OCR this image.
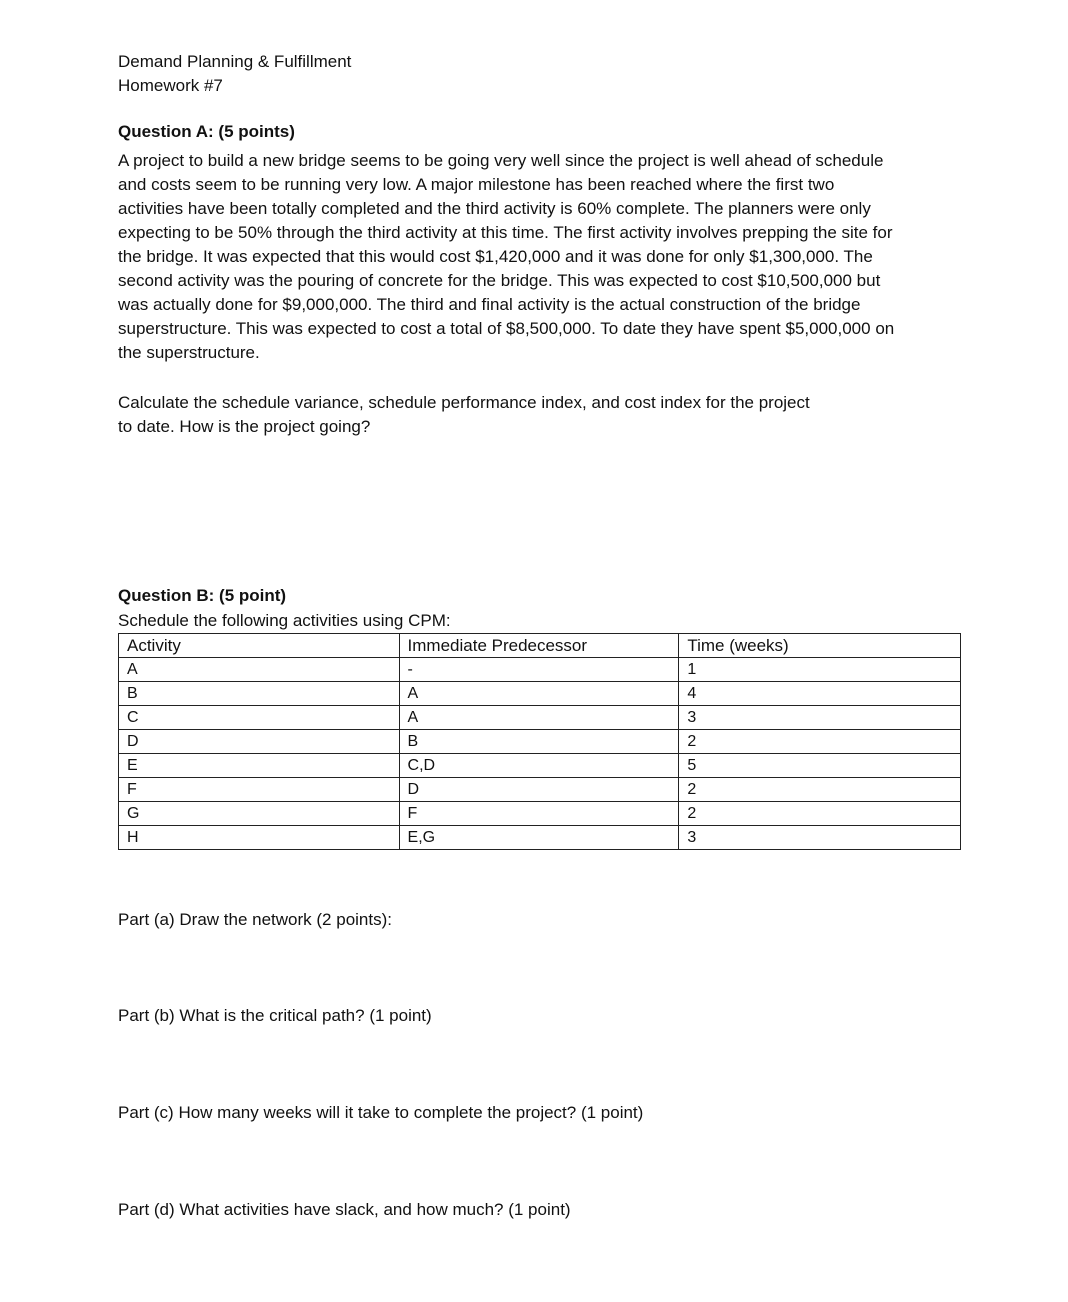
Demand Planning & Fulfillment
Homework #7
Question A: (5 points)
A project to build a new bridge seems to be going very well since the project is well ahead of schedule
and costs seem to be running very low. A major milestone has been reached where the first two
activities have been totally completed and the third activity is 60% complete. The planners were only
expecting to be 50% through the third activity at this time. The first activity involves prepping the site for
the bridge. It was expected that this would cost $1,420,000 and it was done for only $1,300,000. The
second activity was the pouring of concrete for the bridge. This was expected to cost $10,500,000 but
was actually done for $9,000,000. The third and final activity is the actual construction of the bridge
superstructure. This was expected to cost a total of $8,500,000. To date they have spent $5,000,000 on
the superstructure.
Calculate the schedule variance, schedule performance index, and cost index for the project
to date. How is the project going?
Question B: (5 point)
Schedule the following activities using CPM:
Activity	Immediate Predecessor	Time (weeks)
A	-	1
B	A	4
C	A	3
D	B	2
E	C,D	5
F	D	2
G	F	2
H	E,G	3
Part (a) Draw the network (2 points):
Part (b) What is the critical path? (1 point)
Part (c) How many weeks will it take to complete the project? (1 point)
Part (d) What activities have slack, and how much? (1 point)
